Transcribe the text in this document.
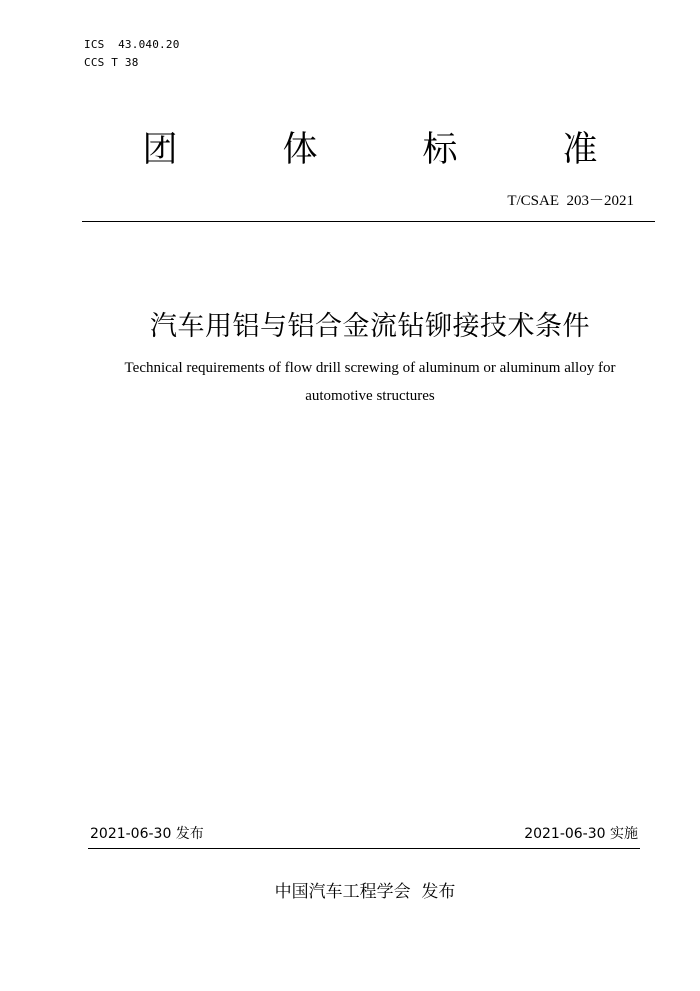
ICS  43.040.20
CCS T 38
团	体	标	准
T/CSAE  203－2021
汽车用铝与铝合金流钻铆接技术条件
Technical requirements of flow drill screwing of aluminum or aluminum alloy for automotive structures
2021-06-30 发布	2021-06-30 实施
中国汽车工程学会  发布
